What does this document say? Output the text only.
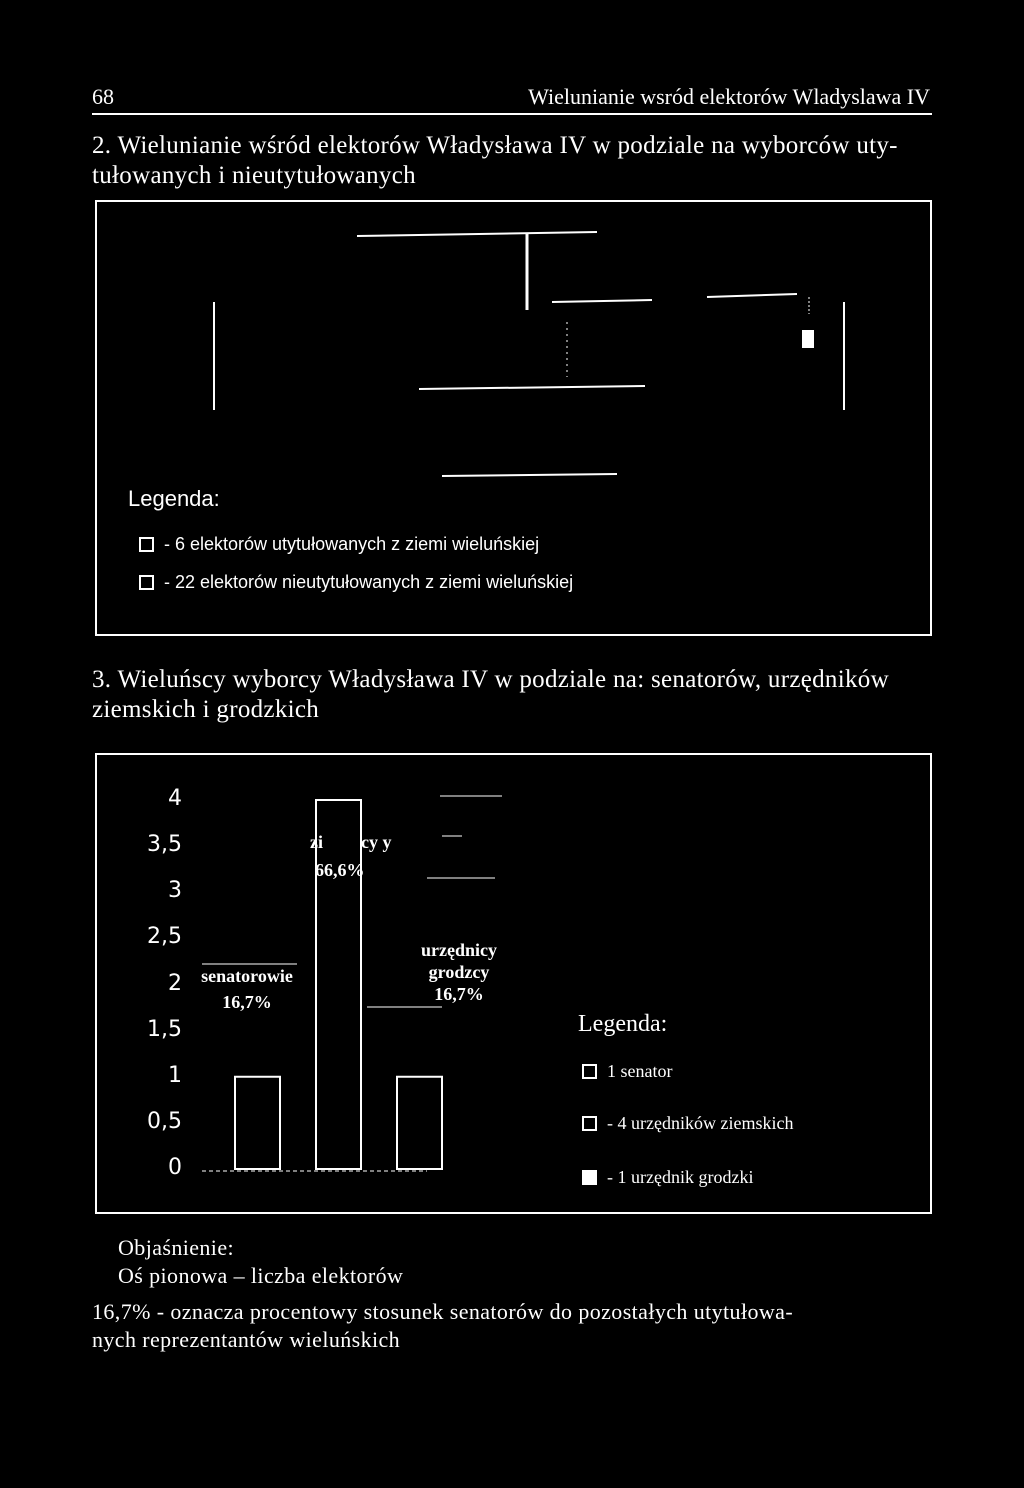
68	Wielunianie wsród elektorów Wladyslawa IV
2. Wielunianie wśród elektorów Władysława IV w podziale na wyborców uty-
tułowanych i nieutytułowanych
Legenda:
- 6 elektorów utytułowanych z ziemi wieluńskiej
- 22 elektorów nieutytułowanych z ziemi wieluńskiej
3. Wieluńscy wyborcy Władysława IV w podziale na: senatorów, urzędników
ziemskich i grodzkich
4
3,5
3
2,5
2
1,5
1
0,5
0
senatorowie
16,7%
zi	cy y
66,6%
urzędnicy
grodzcy
16,7%
Legenda:
1 senator
- 4 urzędników ziemskich
- 1 urzędnik grodzki
Objaśnienie:
Oś pionowa – liczba elektorów
16,7% - oznacza procentowy stosunek senatorów do pozostałych utytułowa-
nych reprezentantów wieluńskich
